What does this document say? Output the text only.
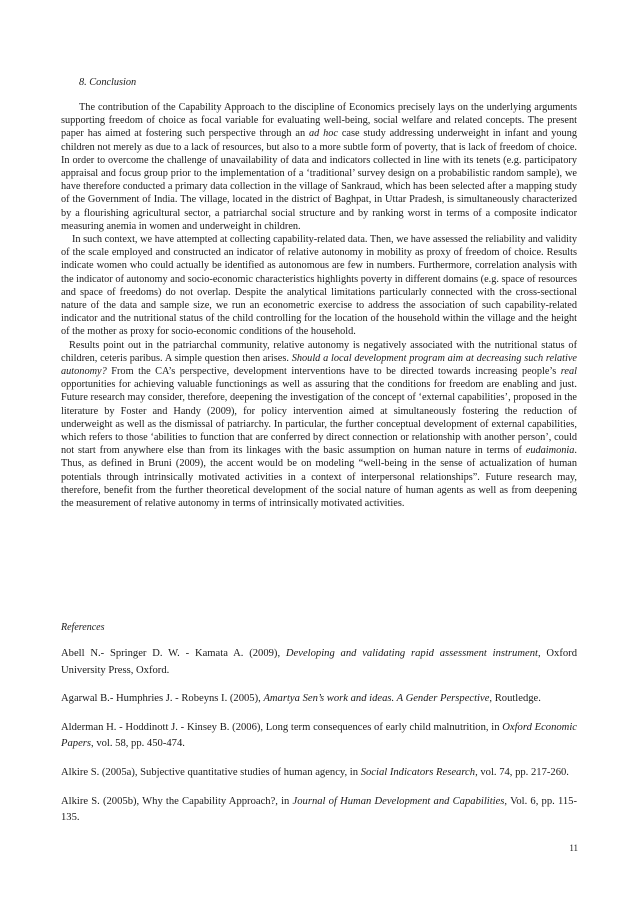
8. Conclusion

The contribution of the Capability Approach to the discipline of Economics precisely lays on the underlying arguments supporting freedom of choice as focal variable for evaluating well-being, social welfare and related concepts. The present paper has aimed at fostering such perspective through an ad hoc case study addressing underweight in infant and young children not merely as due to a lack of resources, but also to a more subtle form of poverty, that is lack of freedom of choice. In order to overcome the challenge of unavailability of data and indicators collected in line with its tenets (e.g. participatory appraisal and focus group prior to the implementation of a ‘traditional’ survey design on a probabilistic random sample), we have therefore conducted a primary data collection in the village of Sankraud, which has been selected after a mapping study of the Government of India. The village, located in the district of Baghpat, in Uttar Pradesh, is simultaneously characterized by a flourishing agricultural sector, a patriarchal social structure and by ranking worst in terms of a composite indicator measuring anemia in women and underweight in children.

In such context, we have attempted at collecting capability-related data. Then, we have assessed the reliability and validity of the scale employed and constructed an indicator of relative autonomy in mobility as proxy of freedom of choice. Results indicate women who could actually be identified as autonomous are few in numbers. Furthermore, correlation analysis with the indicator of autonomy and socio-economic characteristics highlights poverty in different domains (e.g. space of resources and space of freedoms) do not overlap. Despite the analytical limitations particularly connected with the cross-sectional nature of the data and sample size, we run an econometric exercise to address the association of such capability-related indicator and the nutritional status of the child controlling for the location of the household within the village and the height of the mother as proxy for socio-economic conditions of the household.

Results point out in the patriarchal community, relative autonomy is negatively associated with the nutritional status of children, ceteris paribus. A simple question then arises. Should a local development program aim at decreasing such relative autonomy? From the CA’s perspective, development interventions have to be directed towards increasing people’s real opportunities for achieving valuable functionings as well as assuring that the conditions for freedom are enabling and just. Future research may consider, therefore, deepening the investigation of the concept of ‘external capabilities’, proposed in the literature by Foster and Handy (2009), for policy intervention aimed at simultaneously fostering the reduction of underweight as well as the dismissal of patriarchy. In particular, the further conceptual development of external capabilities, which refers to those ‘abilities to function that are conferred by direct connection or relationship with another person’, could not start from anywhere else than from its linkages with the basic assumption on human nature in terms of eudaimonia. Thus, as defined in Bruni (2009), the accent would be on modeling “well-being in the sense of actualization of human potentials through intrinsically motivated activities in a context of interpersonal relationships”. Future research may, therefore, benefit from the further theoretical development of the social nature of human agents as well as from deepening the measurement of relative autonomy in terms of intrinsically motivated activities.

References

Abell N.- Springer D. W. - Kamata A. (2009), Developing and validating rapid assessment instrument, Oxford University Press, Oxford.

Agarwal B.- Humphries J. - Robeyns I. (2005), Amartya Sen’s work and ideas. A Gender Perspective, Routledge.

Alderman H. - Hoddinott J. - Kinsey B. (2006), Long term consequences of early child malnutrition, in Oxford Economic Papers, vol. 58, pp. 450-474.

Alkire S. (2005a), Subjective quantitative studies of human agency, in Social Indicators Research, vol. 74, pp. 217-260.

Alkire S. (2005b), Why the Capability Approach?, in Journal of Human Development and Capabilities, Vol. 6, pp. 115-135.

11
